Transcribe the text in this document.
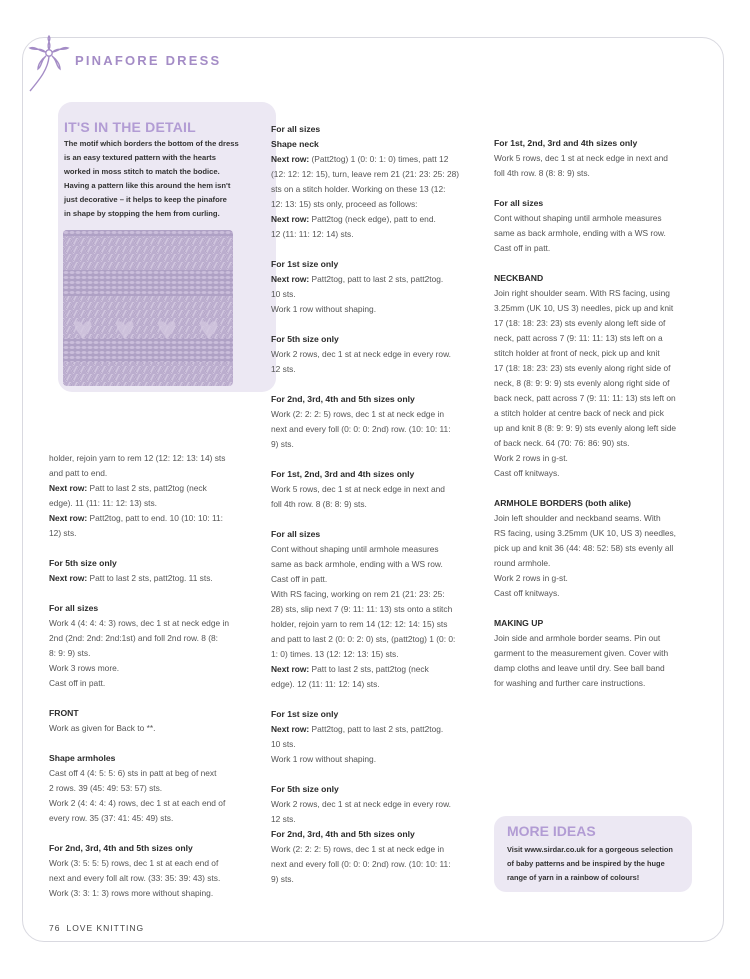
PINAFORE DRESS
IT'S IN THE DETAIL
The motif which borders the bottom of the dress
is an easy textured pattern with the hearts
worked in moss stitch to match the bodice.
Having a pattern like this around the hem isn't
just decorative – it helps to keep the pinafore
in shape by stopping the hem from curling.

holder, rejoin yarn to rem 12 (12: 12: 13: 14) sts

and patt to end.

Next row: Patt to last 2 sts, patt2tog (neck

edge). 11 (11: 11: 12: 13) sts.

Next row: Patt2tog, patt to end. 10 (10: 10: 11:

12) sts.

For 5th size only

Next row: Patt to last 2 sts, patt2tog. 11 sts.

For all sizes

Work 4 (4: 4: 4: 3) rows, dec 1 st at neck edge in

2nd (2nd: 2nd: 2nd:1st) and foll 2nd row. 8 (8:

8: 9: 9) sts.

Work 3 rows more.

Cast off in patt.

FRONT

Work as given for Back to **.

Shape armholes

Cast off 4 (4: 5: 5: 6) sts in patt at beg of next

2 rows. 39 (45: 49: 53: 57) sts.

Work 2 (4: 4: 4: 4) rows, dec 1 st at each end of

every row. 35 (37: 41: 45: 49) sts.

For 2nd, 3rd, 4th and 5th sizes only

Work (3: 5: 5: 5) rows, dec 1 st at each end of

next and every foll alt row. (33: 35: 39: 43) sts.

Work (3: 3: 1: 3) rows more without shaping.

For all sizes

Shape neck

Next row: (Patt2tog) 1 (0: 0: 1: 0) times, patt 12

(12: 12: 12: 15), turn, leave rem 21 (21: 23: 25: 28)

sts on a stitch holder. Working on these 13 (12:

12: 13: 15) sts only, proceed as follows:

Next row: Patt2tog (neck edge), patt to end.

12 (11: 11: 12: 14) sts.

For 1st size only

Next row: Patt2tog, patt to last 2 sts, patt2tog.

10 sts.

Work 1 row without shaping.

For 5th size only

Work 2 rows, dec 1 st at neck edge in every row.

12 sts.

For 2nd, 3rd, 4th and 5th sizes only

Work (2: 2: 2: 5) rows, dec 1 st at neck edge in

next and every foll (0: 0: 0: 2nd) row. (10: 10: 11:

9) sts.

For 1st, 2nd, 3rd and 4th sizes only

Work 5 rows, dec 1 st at neck edge in next and

foll 4th row. 8 (8: 8: 9) sts.

For all sizes

Cont without shaping until armhole measures

same as back armhole, ending with a WS row.

Cast off in patt.

With RS facing, working on rem 21 (21: 23: 25:

28) sts, slip next 7 (9: 11: 11: 13) sts onto a stitch

holder, rejoin yarn to rem 14 (12: 12: 14: 15) sts

and patt to last 2 (0: 0: 2: 0) sts, (patt2tog) 1 (0: 0:

1: 0) times. 13 (12: 12: 13: 15) sts.

Next row: Patt to last 2 sts, patt2tog (neck

edge). 12 (11: 11: 12: 14) sts.

For 1st size only

Next row: Patt2tog, patt to last 2 sts, patt2tog.

10 sts.

Work 1 row without shaping.

For 5th size only

Work 2 rows, dec 1 st at neck edge in every row.

12 sts.

For 2nd, 3rd, 4th and 5th sizes only

Work (2: 2: 2: 5) rows, dec 1 st at neck edge in

next and every foll (0: 0: 0: 2nd) row. (10: 10: 11:

9) sts.

For 1st, 2nd, 3rd and 4th sizes only

Work 5 rows, dec 1 st at neck edge in next and

foll 4th row. 8 (8: 8: 9) sts.

For all sizes

Cont without shaping until armhole measures

same as back armhole, ending with a WS row.

Cast off in patt.

NECKBAND

Join right shoulder seam. With RS facing, using

3.25mm (UK 10, US 3) needles, pick up and knit

17 (18: 18: 23: 23) sts evenly along left side of

neck, patt across 7 (9: 11: 11: 13) sts left on a

stitch holder at front of neck, pick up and knit

17 (18: 18: 23: 23) sts evenly along right side of

neck, 8 (8: 9: 9: 9) sts evenly along right side of

back neck, patt across 7 (9: 11: 11: 13) sts left on

a stitch holder at centre back of neck and pick

up and knit 8 (8: 9: 9: 9) sts evenly along left side

of back neck. 64 (70: 76: 86: 90) sts.

Work 2 rows in g-st.

Cast off knitways.

ARMHOLE BORDERS (both alike)

Join left shoulder and neckband seams. With

RS facing, using 3.25mm (UK 10, US 3) needles,

pick up and knit 36 (44: 48: 52: 58) sts evenly all

round armhole.

Work 2 rows in g-st.

Cast off knitways.

MAKING UP

Join side and armhole border seams. Pin out

garment to the measurement given. Cover with

damp cloths and leave until dry. See ball band

for washing and further care instructions.

MORE IDEAS
Visit www.sirdar.co.uk for a gorgeous selection
of baby patterns and be inspired by the huge
range of yarn in a rainbow of colours!
76 LOVE KNITTING
